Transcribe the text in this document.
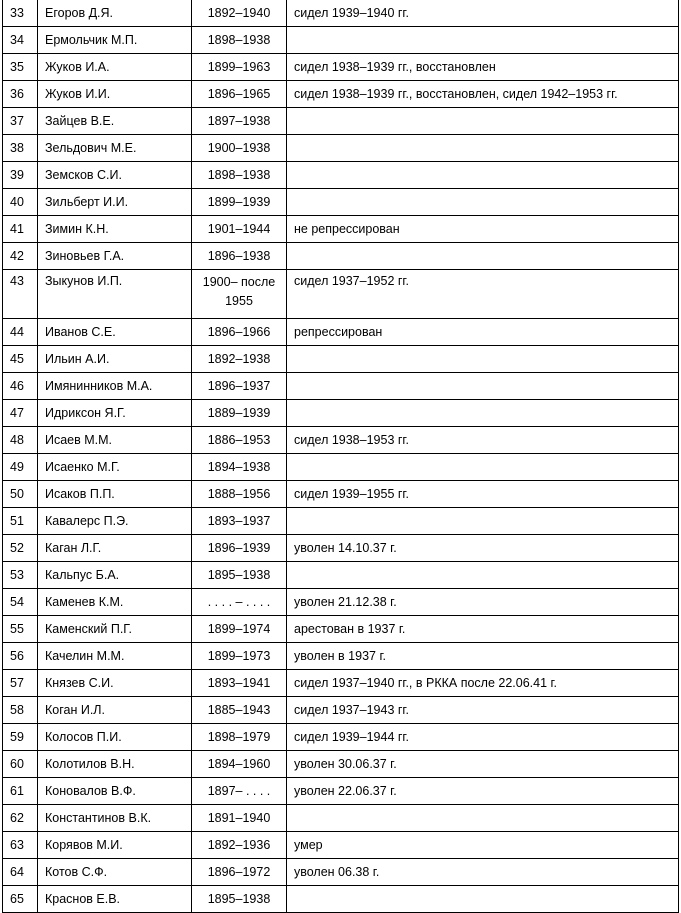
33	Егоров Д.Я.	1892–1940	сидел 1939–1940 гг.
34	Ермольчик М.П.	1898–1938	
35	Жуков И.А.	1899–1963	сидел 1938–1939 гг., восстановлен
36	Жуков И.И.	1896–1965	сидел 1938–1939 гг., восстановлен, сидел 1942–1953 гг.
37	Зайцев В.Е.	1897–1938	
38	Зельдович М.Е.	1900–1938	
39	Земсков С.И.	1898–1938	
40	Зильберт И.И.	1899–1939	
41	Зимин К.Н.	1901–1944	не репрессирован
42	Зиновьев Г.А.	1896–1938	
43	Зыкунов И.П.	1900– после 1955	сидел 1937–1952 гг.
44	Иванов С.Е.	1896–1966	репрессирован
45	Ильин А.И.	1892–1938	
46	Имянинников М.А.	1896–1937	
47	Идриксон Я.Г.	1889–1939	
48	Исаев М.М.	1886–1953	сидел 1938–1953 гг.
49	Исаенко М.Г.	1894–1938	
50	Исаков П.П.	1888–1956	сидел 1939–1955 гг.
51	Кавалерс П.Э.	1893–1937	
52	Каган Л.Г.	1896–1939	уволен 14.10.37 г.
53	Кальпус Б.А.	1895–1938	
54	Каменев К.М.	. . . . – . . . .	уволен 21.12.38 г.
55	Каменский П.Г.	1899–1974	арестован в 1937 г.
56	Качелин М.М.	1899–1973	уволен в 1937 г.
57	Князев С.И.	1893–1941	сидел 1937–1940 гг., в РККА после 22.06.41 г.
58	Коган И.Л.	1885–1943	сидел 1937–1943 гг.
59	Колосов П.И.	1898–1979	сидел 1939–1944 гг.
60	Колотилов В.Н.	1894–1960	уволен 30.06.37 г.
61	Коновалов В.Ф.	1897– . . . .	уволен 22.06.37 г.
62	Константинов В.К.	1891–1940	
63	Корявов М.И.	1892–1936	умер
64	Котов С.Ф.	1896–1972	уволен 06.38 г.
65	Краснов Е.В.	1895–1938	
